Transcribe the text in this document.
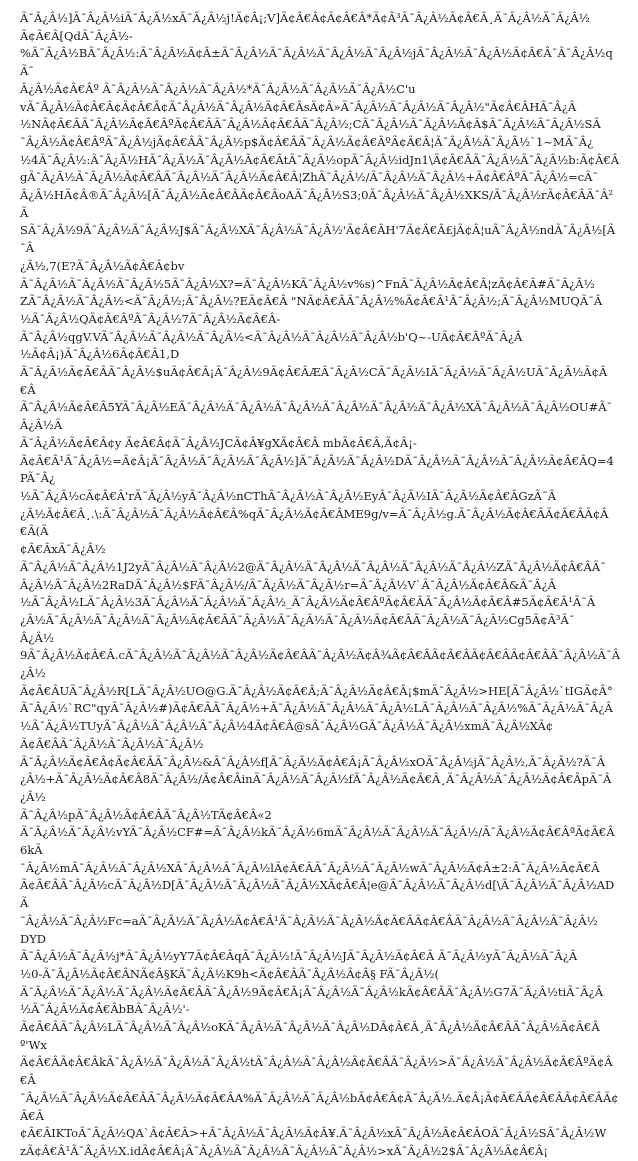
Ã¯Â¿Â½]Ã¯Â¿Â½iÃ¯Â¿Â½xÃ¯Â¿Â½j!Ã¢Â¡;V]Ã¢Â€Â¢Ã¢Â€Â*Ã¢Â³Ã¯Â¿Â½Ã¢Â€Â¸Ã¯Â¿Â½Ã¯Â¿Â½
Ã¢Â€Â[QdÃ¯Â¿Â½-
%Ã¯Â¿Â½BÃ¯Â¿Â½:Ã¯Â¿Â½Ã¢Â±Ã¯Â¿Â½Ã¯Â¿Â½Ã¯Â¿Â½Ã¯Â¿Â½jÃ¯Â¿Â½Ã¯Â¿Â½Ã¢Â€Â¯Ã¯Â¿Â½qÃ¯
Â¿Â½Ã¢Â€Âº Ã¯Â¿Â½Ã¯Â¿Â½Ã¯Â¿Â½*Ã¯Â¿Â½Ã¯Â¿Â½Ã¯Â¿Â½C'u
vÃ¯Â¿Â½Ã¢Â€Â¢Ã¢Â€Â¢Ã¯Â¿Â½Ã¯Â¿Â½Ã¢Â€ÂsÃ¢Â»Ã¯Â¿Â½Ã¯Â¿Â½Ã¯Â¿Â½"Ã¢Â€ÂHÃ¯Â¿Â
½NÃ¢Â€ÂÃ¯Â¿Â½Ã¢Â€ÂºÃ¢Â€ÂÃ¯Â¿Â½Ã¢Â€ÂÃ¯Â¿Â½;CÃ¯Â¿Â½Ã¯Â¿Â½Ã¢Â$Ã¯Â¿Â½Ã¯Â¿Â½SÃ
¯Â¿Â½Ã¢Â€ÂºÃ¯Â¿Â½jÃ¢Â€ÂÃ¯Â¿Â½p$Ã¢Â€ÂÃ¯Â¿Â½Ã¢Â€ÂºÃ¢Â€Â¦Ã¯Â¿Â½Ã¯Â¿Â½`1~MÃ¯Â¿
½4Ã¯Â¿Â½:Ã¯Â¿Â½HÃ¯Â¿Â½Ã¯Â¿Â½Ã¢Â€ÂtÃ¯Â¿Â½opÃ¯Â¿Â½idJn1\Ã¢Â€ÂÃ¯Â¿Â½Ã¯Â¿Â½b:Ã¢Â€Â
gÃ¯Â¿Â½Ã¯Â¿Â½Ã¢Â€ÂÃ¯Â¿Â½Ã¯Â¿Â½Ã¢Â€Â¦ZhÃ¯Â¿Â½/Ã¯Â¿Â½Ã¯Â¿Â½+Ã¢Â€ÂºÃ¯Â¿Â½=cÃ¯
Â¿Â½HÃ¢Â®Ã¯Â¿Â½[Ã¯Â¿Â½Ã¢Â€ÂÃ¢Â€ÂoAÃ¯Â¿Â½S3;0Ã¯Â¿Â½Ã¯Â¿Â½XKS/Ã¯Â¿Â½rÃ¢Â€ÂÃ¯Â²Ã
SÃ¯Â¿Â½9Ã¯Â¿Â½Ã¯Â¿Â½J$Ã¯Â¿Â½XÃ¯Â¿Â½Ã¯Â¿Â½'Ã¢Â€ÂH'7Ã¢Â€Â£jÃ¢Â¦uÃ¯Â¿Â½ndÃ¯Â¿Â½[Ã¯Â
¿Â½,7(E?Ã¯Â¿Â½Ã¢Â€Â¢bv
Ã¯Â¿Â½Ã¯Â¿Â½Ã¯Â¿Â½5Ã¯Â¿Â½X?=Ã¯Â¿Â½KÃ¯Â¿Â½v%s)^FnÃ¯Â¿Â½Ã¢Â€Â¦zÃ¢Â€Â#Ã¯Â¿Â½
ZÃ¯Â¿Â½Ã¯Â¿Â½<Ã¯Â¿Â½;Ã¯Â¿Â½?EÃ¢Â€Â "NÃ¢Â€ÂÃ¯Â¿Â½%Ã¢Â€Â¹Ã¯Â¿Â½;Ã¯Â¿Â½MUQÃ¯Â
½Ã¯Â¿Â½QÃ¢Â€ÂºÃ¯Â¿Â½7Ã¯Â¿Â½Ã¢Â€Â-
Ã¯Â¿Â½qgV.VÃ¯Â¿Â½Ã¯Â¿Â½Ã¯Â¿Â½<Ã¯Â¿Â½Ã¯Â¿Â½Ã¯Â¿Â½b'Q~-UÃ¢Â€ÂºÃ¯Â¿Â
½Ã¢Â¡)Ã¯Â¿Â½6Ã¢Â€Â1,D
Ã¯Â¿Â½Ã¢Â€ÂÃ¯Â¿Â½$uÃ¢Â€Â¡Ã¯Â¿Â½9Ã¢Â€ÂÆÃ¯Â¿Â½CÃ¯Â¿Â½IÃ¯Â¿Â½Ã¯Â¿Â½UÃ¯Â¿Â½Ã¢Â€Â
Ã¯Â¿Â½Ã¢Â€Â5YÃ¯Â¿Â½EÃ¯Â¿Â½Ã¯Â¿Â½Ã¯Â¿Â½Ã¯Â¿Â½Ã¯Â¿Â½Ã¯Â¿Â½XÃ¯Â¿Â½Ã¯Â¿Â½OU#Ã¯Â¿Â½Ã
Ã¯Â¿Â½Ã¢Â€Â¢y Ã¢Â€Â¢Ã¯Â¿Â½JCÃ¢Â¥gXÃ¢Â€Â mbÃ¢Â€Â,Ã¢Â¡-
Ã¢Â€Â¹Ã¯Â¿Â½=Ã¢Â¡Ã¯Â¿Â½Ã¯Â¿Â½Ã¯Â¿Â½]Ã¯Â¿Â½Ã¯Â¿Â½DÃ¯Â¿Â½Ã¯Â¿Â½Ã¯Â¿Â½Ã¢Â€ÂQ=4PÃ¯Â¿
½Ã¯Â¿Â½cÃ¢Â€Â'rÃ¯Â¿Â½yÃ¯Â¿Â½nCThÃ¯Â¿Â½Ã¯Â¿Â½EyÃ¯Â¿Â½IÃ¯Â¿Â½Ã¢Â€ÂGzÃ¯Â
¿Â½Ã¢Â€Â¸.\:Ã¯Â¿Â½Ã¯Â¿Â½Ã¢Â€Â%qÃ¯Â¿Â½Ã¢Â€ÂME9g/v=Ã¯Â¿Â½g.Ã¯Â¿Â½Ã¢Â€ÂÃ¢Â€ÂÃ¢Â€Â(Ã
¢Â€ÂxÃ¯Â¿Â½
Ã¯Â¿Â½Ã¯Â¿Â½1J2yÃ¯Â¿Â½Ã¯Â¿Â½2@Ã¯Â¿Â½Ã¯Â¿Â½Ã¯Â¿Â½Ã¯Â¿Â½Ã¯Â¿Â½ZÃ¯Â¿Â½Ã¢Â€ÂÃ¯
Â¿Â½Ã¯Â¿Â½2RaDÃ¯Â¿Â½$FÃ¯Â¿Â½/Ã¯Â¿Â½Ã¯Â¿Â½r=Ã¯Â¿Â½V`Ã¯Â¿Â½Ã¢Â€Â&Ã¯Â¿Â
½Ã¯Â¿Â½LÃ¯Â¿Â½3Ã¯Â¿Â½Ã¯Â¿Â½Ã¯Â¿Â½_Ã¯Â¿Â½Ã¢Â€ÂºÃ¢Â€ÂÃ¯Â¿Â½Ã¢Â€Â#5Ã¢Â€Â¹Ã¯Â
¿Â½Ã¯Â¿Â½Ã¯Â¿Â½Ã¯Â¿Â½Ã¢Â€ÂÃ¯Â¿Â½Ã¯Â¿Â½Ã¯Â¿Â½Ã¢Â€ÂÃ¯Â¿Â½Ã¯Â¿Â½Cg5Ã¢Â³Ã¯
Â¿Â½
9Ã¯Â¿Â½Ã¢Â€Â.cÃ¯Â¿Â½Ã¯Â¿Â½Ã¯Â¿Â½Ã¢Â€ÂÃ¯Â¿Â½Ã¢Â¾Ã¢Â€ÂÃ¢Â€ÂÃ¢Â€ÂÃ¢Â€ÂÃ¯Â¿Â½Ã¯Â¿Â½
Ã¢Â€ÂUÃ¯Â¿Â½R[LÃ¯Â¿Â½UO@G.Ã¯Â¿Â½Ã¢Â€Â;Ã¯Â¿Â½Ã¢Â€Â¡$mÃ¯Â¿Â½>HE[Ã¯Â¿Â½`tIGÃ¢Â°
Ã¯Â¿Â½`RC"qyÃ¯Â¿Â½#)Ã¢Â€ÂÃ¯Â¿Â½+Ã¯Â¿Â½Ã¯Â¿Â½Ã¯Â¿Â½LÃ¯Â¿Â½Ã¯Â¿Â½%Ã¯Â¿Â½Ã¯Â¿Â
½Ã¯Â¿Â½TUyÃ¯Â¿Â½Ã¯Â¿Â½Ã¯Â¿Â½4Ã¢Â€Â@sÃ¯Â¿Â½GÃ¯Â¿Â½Ã¯Â¿Â½xmÃ¯Â¿Â½XÃ¢
Ã¢Â€ÂÃ¯Â¿Â½Ã¯Â¿Â½Ã¯Â¿Â½
Ã¯Â¿Â½Ã¢Â€Â¢Ã¢Â€ÂÃ¯Â¿Â½&Ã¯Â¿Â½f[Ã¯Â¿Â½Ã¢Â€Â¡Ã¯Â¿Â½xOÃ¯Â¿Â½jÃ¯Â¿Â½,Ã¯Â¿Â½?Ã¯Â
¿Â½+Ã¯Â¿Â½Ã¢Â€Â8Ã¯Â¿Â½/Ã¢Â€ÂinÃ¯Â¿Â½Ã¯Â¿Â½fÃ¯Â¿Â½Ã¢Â€Â¸Ã¯Â¿Â½Ã¯Â¿Â½Ã¢Â€ÂpÃ¯Â¿Â½
Ã¯Â¿Â½pÃ¯Â¿Â½Ã¢Â€ÂÃ¯Â¿Â½TÃ¢Â€Â«2
Ã¯Â¿Â½Ã¯Â¿Â½vYÃ¯Â¿Â½CF#=Ã¯Â¿Â½kÃ¯Â¿Â½6mÃ¯Â¿Â½Ã¯Â¿Â½Ã¯Â¿Â½/Ã¯Â¿Â½Ã¢Â€ÂªÃ¢Â€Â6kÃ
¯Â¿Â½mÃ¯Â¿Â½Ã¯Â¿Â½XÃ¯Â¿Â½Ã¯Â¿Â½lÃ¢Â€ÂÃ¯Â¿Â½Ã¯Â¿Â½wÃ¯Â¿Â½Ã¢Â±2:Ã¯Â¿Â½Ã¢Â€Â
Ã¢Â€ÂÃ¯Â¿Â½cÃ¯Â¿Â½D[Ã¯Â¿Â½Ã¯Â¿Â½Ã¯Â¿Â½XÃ¢Â€Â¦e@Ã¯Â¿Â½Ã¯Â¿Â½d[\Ã¯Â¿Â½Ã¯Â¿Â½ADÃ
¯Â¿Â½Ã¯Â¿Â½Fc=aÃ¯Â¿Â½Ã¯Â¿Â½Ã¢Â€Â¹Ã¯Â¿Â½Ã¯Â¿Â½Ã¢Â€ÂÃ¢Â€ÂÃ¯Â¿Â½Ã¯Â¿Â½Ã¯Â¿Â½
DYD
Ã¯Â¿Â½Ã¯Â¿Â½j*Ã¯Â¿Â½yY7Ã¢Â€ÂqÃ¯Â¿Â½!Ã¯Â¿Â½JÃ¯Â¿Â½Ã¢Â€Â Ã¯Â¿Â½yÃ¯Â¿Â½Ã¯Â¿Â
½0-Ã¯Â¿Â½Ã¢Â€ÂNÃ¢Â§KÃ¯Â¿Â½K9h<Ã¢Â€ÂÃ¯Â¿Â½Ã¢Â§ FÃ¯Â¿Â½(
Ã¯Â¿Â½Ã¯Â¿Â½Ã¯Â¿Â½Ã¢Â€ÂÃ¯Â¿Â½9Ã¢Â€Â¡Ã¯Â¿Â½Ã¯Â¿Â½kÃ¢Â€ÂÃ¯Â¿Â½G7Ã¯Â¿Â½tiÃ¯Â¿Â
½Ã¯Â¿Â½Ã¢Â€ÂbBÃ¯Â¿Â½'-
Ã¢Â€ÂÃ¯Â¿Â½LÃ¯Â¿Â½Ã¯Â¿Â½oKÃ¯Â¿Â½Ã¯Â¿Â½Ã¯Â¿Â½DÃ¢Â€Â¸Ã¯Â¿Â½Ã¢Â€ÂÃ¯Â¿Â½Ã¢Â€Âº'Wx
Ã¢Â€ÂÃ¢Â€ÂkÃ¯Â¿Â½Ã¯Â¿Â½Ã¯Â¿Â½tÃ¯Â¿Â½Ã¯Â¿Â½Ã¢Â€ÂÃ¯Â¿Â½>Ã¯Â¿Â½Ã¯Â¿Â½Ã¢Â€ÂºÃ¢Â€Â
¯Â¿Â½Ã¯Â¿Â½Ã¢Â€ÂÃ¯Â¿Â½Ã¢Â€ÂA%Ã¯Â¿Â½Ã¯Â¿Â½bÃ¢Â€Â¢Ã¯Â¿Â½.Ã¢Â¡Ã¢Â€ÂÃ¢Â€ÂÃ¢Â€ÂÃ¢Â€Â
¢Â€ÂIKToÃ¯Â¿Â½QA`Ã¢Â€Â>+Ã¯Â¿Â½Ã¯Â¿Â½Ã¢Â¥.Ã¯Â¿Â½xÃ¯Â¿Â½Ã¢Â€ÂOÃ¯Â¿Â½SÃ¯Â¿Â½W
zÃ¢Â€Â¹Ã¯Â¿Â½X.idÃ¢Â€Â¡Ã¯Â¿Â½Ã¯Â¿Â½Ã¯Â¿Â½Ã¯Â¿Â½>xÃ¯Â¿Â½2$Ã¯Â¿Â½Ã¢Â€Â¡
